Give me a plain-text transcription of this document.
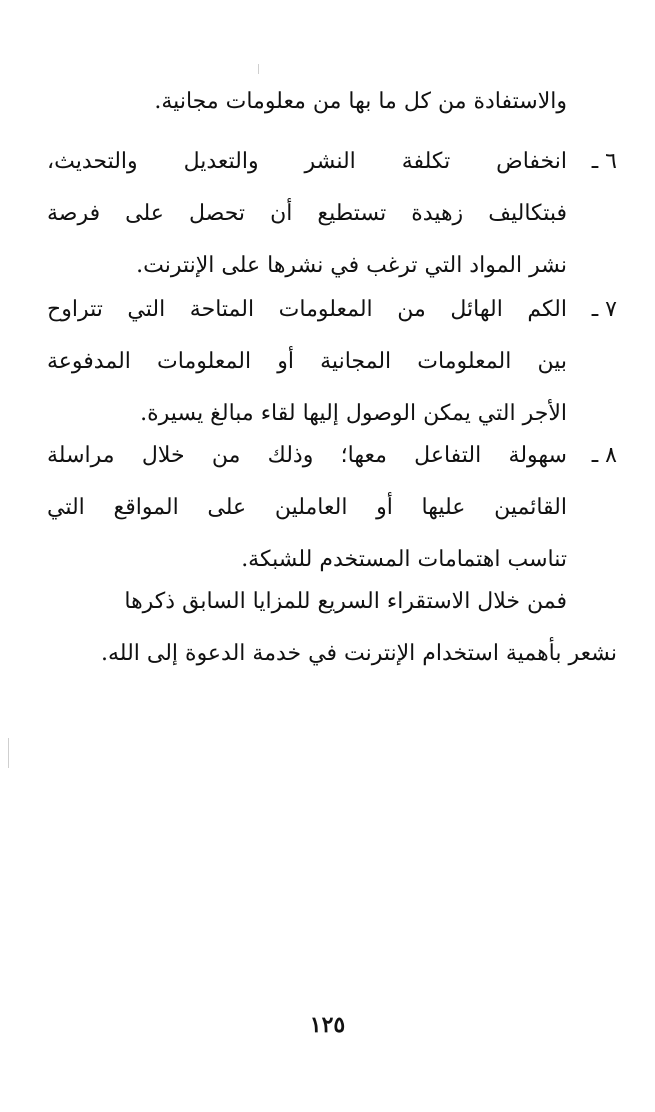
والاستفادة من كل ما بها من معلومات مجانية.
٦ ـ
انخفاض تكلفة النشر والتعديل والتحديث،
فبتكاليف زهيدة تستطيع أن تحصل على فرصة
نشر المواد التي ترغب في نشرها على الإنترنت.
٧ ـ
الكم الهائل من المعلومات المتاحة التي تتراوح
بين المعلومات المجانية أو المعلومات المدفوعة
الأجر التي يمكن الوصول إليها لقاء مبالغ يسيرة.
٨ ـ
سهولة التفاعل معها؛ وذلك من خلال مراسلة
القائمين عليها أو العاملين على المواقع التي
تناسب اهتمامات المستخدم للشبكة.
فمن خلال الاستقراء السريع للمزايا السابق ذكرها
نشعر بأهمية استخدام الإنترنت في خدمة الدعوة إلى الله.
١٢٥
